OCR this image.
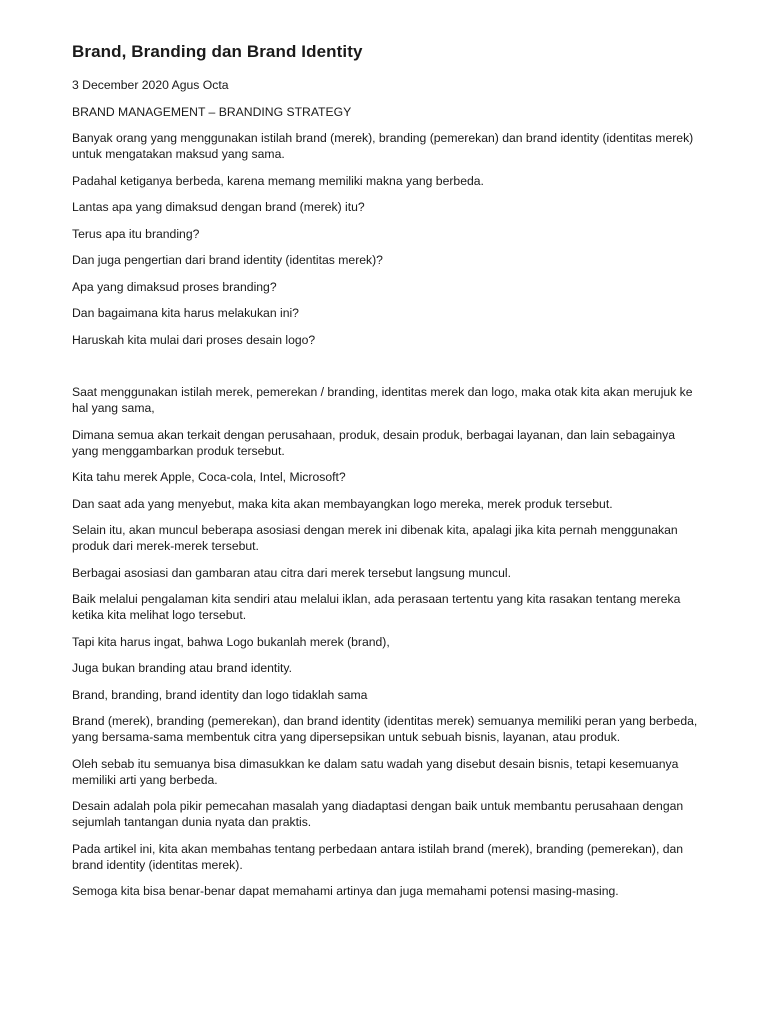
Brand, Branding dan Brand Identity

3 December 2020 Agus Octa

BRAND MANAGEMENT – BRANDING STRATEGY

Banyak orang yang menggunakan istilah brand (merek), branding (pemerekan) dan brand identity (identitas merek) untuk mengatakan maksud yang sama.

Padahal ketiganya berbeda, karena memang memiliki makna yang berbeda.

Lantas apa yang dimaksud dengan brand (merek) itu?

Terus apa itu branding?

Dan juga pengertian dari brand identity (identitas merek)?

Apa yang dimaksud proses branding?

Dan bagaimana kita harus melakukan ini?

Haruskah kita mulai dari proses desain logo?

Saat menggunakan istilah merek, pemerekan / branding, identitas merek dan logo, maka otak kita akan merujuk ke hal yang sama,

Dimana semua akan terkait dengan perusahaan, produk, desain produk, berbagai layanan, dan lain sebagainya yang menggambarkan produk tersebut.

Kita tahu merek Apple, Coca-cola, Intel, Microsoft?

Dan saat ada yang menyebut, maka kita akan membayangkan logo mereka, merek produk tersebut.

Selain itu, akan muncul beberapa asosiasi dengan merek ini dibenak kita, apalagi jika kita pernah menggunakan produk dari merek-merek tersebut.

Berbagai asosiasi dan gambaran atau citra dari merek tersebut langsung muncul.

Baik melalui pengalaman kita sendiri atau melalui iklan, ada perasaan tertentu yang kita rasakan tentang mereka ketika kita melihat logo tersebut.

Tapi kita harus ingat, bahwa Logo bukanlah merek (brand),

Juga bukan branding atau brand identity.

Brand, branding, brand identity dan logo tidaklah sama

Brand (merek), branding (pemerekan), dan brand identity (identitas merek) semuanya memiliki peran yang berbeda, yang bersama-sama membentuk citra yang dipersepsikan untuk sebuah bisnis, layanan, atau produk.

Oleh sebab itu semuanya bisa dimasukkan ke dalam satu wadah yang disebut desain bisnis, tetapi kesemuanya memiliki arti yang berbeda.

Desain adalah pola pikir pemecahan masalah yang diadaptasi dengan baik untuk membantu perusahaan dengan sejumlah tantangan dunia nyata dan praktis.

Pada artikel ini, kita akan membahas tentang perbedaan antara istilah brand (merek), branding (pemerekan), dan brand identity (identitas merek).

Semoga kita bisa benar-benar dapat memahami artinya dan juga memahami potensi masing-masing.
